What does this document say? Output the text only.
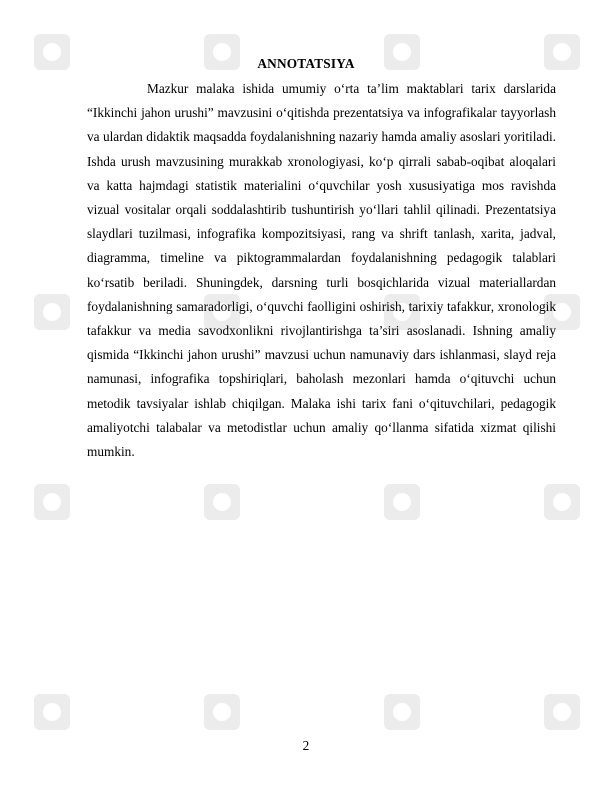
ANNOTATSIYA

Mazkur malaka ishida umumiy o‘rta ta’lim maktablari tarix darslarida “Ikkinchi jahon urushi” mavzusini o‘qitishda prezentatsiya va infografikalar tayyorlash va ulardan didaktik maqsadda foydalanishning nazariy hamda amaliy asoslari yoritiladi. Ishda urush mavzusining murakkab xronologiyasi, ko‘p qirrali sabab-oqibat aloqalari va katta hajmdagi statistik materialini o‘quvchilar yosh xususiyatiga mos ravishda vizual vositalar orqali soddalashtirib tushuntirish yo‘llari tahlil qilinadi. Prezentatsiya slaydlari tuzilmasi, infografika kompozitsiyasi, rang va shrift tanlash, xarita, jadval, diagramma, timeline va piktogrammalardan foydalanishning pedagogik talablari ko‘rsatib beriladi. Shuningdek, darsning turli bosqichlarida vizual materiallardan foydalanishning samaradorligi, o‘quvchi faolligini oshirish, tarixiy tafakkur, xronologik tafakkur va media savodxonlikni rivojlantirishga ta’siri asoslanadi. Ishning amaliy qismida “Ikkinchi jahon urushi” mavzusi uchun namunaviy dars ishlanmasi, slayd reja namunasi, infografika topshiriqlari, baholash mezonlari hamda o‘qituvchi uchun metodik tavsiyalar ishlab chiqilgan. Malaka ishi tarix fani o‘qituvchilari, pedagogik amaliyotchi talabalar va metodistlar uchun amaliy qo‘llanma sifatida xizmat qilishi mumkin.

2
